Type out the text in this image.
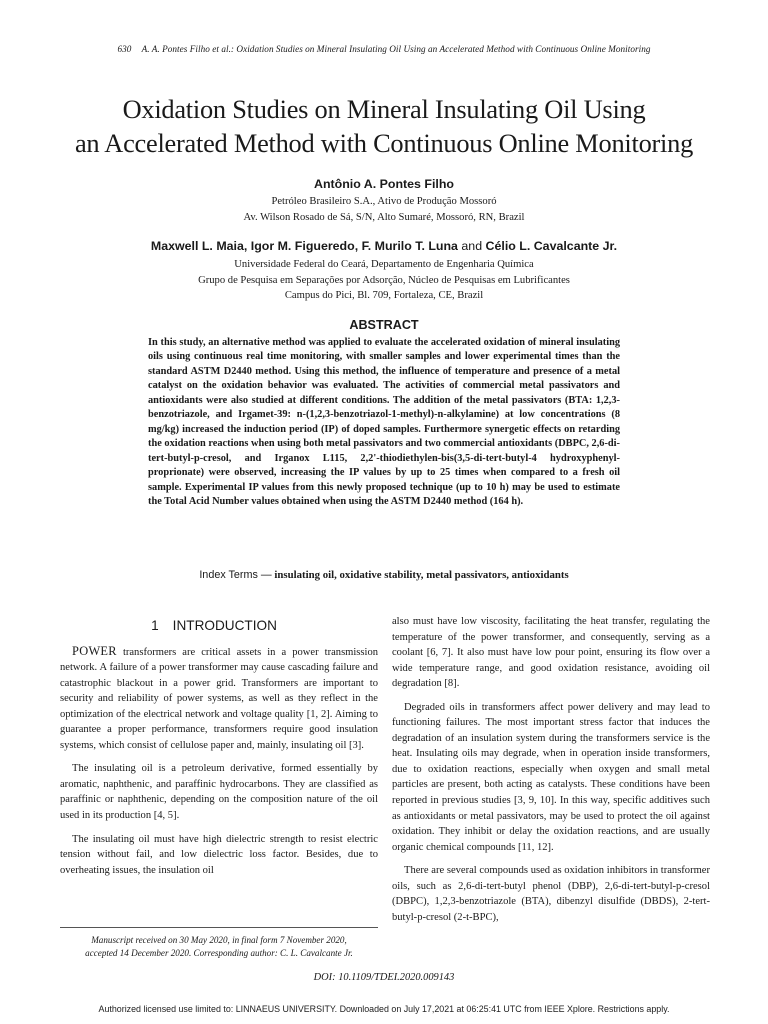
630 A. A. Pontes Filho et al.: Oxidation Studies on Mineral Insulating Oil Using an Accelerated Method with Continuous Online Monitoring
Oxidation Studies on Mineral Insulating Oil Using
an Accelerated Method with Continuous Online Monitoring
Antônio A. Pontes Filho
Petróleo Brasileiro S.A., Ativo de Produção Mossoró
Av. Wilson Rosado de Sá, S/N, Alto Sumaré, Mossoró, RN, Brazil
Maxwell L. Maia, Igor M. Figueredo, F. Murilo T. Luna and Célio L. Cavalcante Jr.
Universidade Federal do Ceará, Departamento de Engenharia Química
Grupo de Pesquisa em Separações por Adsorção, Núcleo de Pesquisas em Lubrificantes
Campus do Pici, Bl. 709, Fortaleza, CE, Brazil
ABSTRACT
In this study, an alternative method was applied to evaluate the accelerated oxidation of mineral insulating oils using continuous real time monitoring, with smaller samples and lower experimental times than the standard ASTM D2440 method. Using this method, the influence of temperature and presence of a metal catalyst on the oxidation behavior was evaluated. The activities of commercial metal passivators and antioxidants were also studied at different conditions. The addition of the metal passivators (BTA: 1,2,3-benzotriazole, and Irgamet-39: n-(1,2,3-benzotriazol-1-methyl)-n-alkylamine) at low concentrations (8 mg/kg) increased the induction period (IP) of doped samples. Furthermore synergetic effects on retarding the oxidation reactions when using both metal passivators and two commercial antioxidants (DBPC, 2,6-di-tert-butyl-p-cresol, and Irganox L115, 2,2'-thiodiethylen-bis(3,5-di-tert-butyl-4 hydroxyphenyl-proprionate) were observed, increasing the IP values by up to 25 times when compared to a fresh oil sample. Experimental IP values from this newly proposed technique (up to 10 h) may be used to estimate the Total Acid Number values obtained when using the ASTM D2440 method (164 h).
Index Terms — insulating oil, oxidative stability, metal passivators, antioxidants
1 INTRODUCTION

POWER transformers are critical assets in a power transmission network. A failure of a power transformer may cause cascading failure and catastrophic blackout in a power grid. Transformers are important to security and reliability of power systems, as well as they reflect in the optimization of the electrical network and voltage quality [1, 2]. Aiming to guarantee a proper performance, transformers require good insulation systems, which consist of cellulose paper and, mainly, insulating oil [3].

The insulating oil is a petroleum derivative, formed essentially by aromatic, naphthenic, and paraffinic hydrocarbons. They are classified as paraffinic or naphthenic, depending on the composition nature of the oil used in its production [4, 5].

The insulating oil must have high dielectric strength to resist electric tension without fail, and low dielectric loss factor. Besides, due to overheating issues, the insulation oil

also must have low viscosity, facilitating the heat transfer, regulating the temperature of the power transformer, and consequently, serving as a coolant [6, 7]. It also must have low pour point, ensuring its flow over a wide temperature range, and good oxidation resistance, avoiding oil degradation [8].

Degraded oils in transformers affect power delivery and may lead to functioning failures. The most important stress factor that induces the degradation of an insulation system during the transformers service is the heat. Insulating oils may degrade, when in operation inside transformers, due to oxidation reactions, especially when oxygen and small metal particles are present, both acting as catalysts. These conditions have been reported in previous studies [3, 9, 10]. In this way, specific additives such as antioxidants or metal passivators, may be used to protect the oil against oxidation. They inhibit or delay the oxidation reactions, and are usually organic chemical compounds [11, 12].

There are several compounds used as oxidation inhibitors in transformer oils, such as 2,6-di-tert-butyl phenol (DBP), 2,6-di-tert-butyl-p-cresol (DBPC), 1,2,3-benzotriazole (BTA), dibenzyl disulfide (DBDS), 2-tert-butyl-p-cresol (2-t-BPC),

Manuscript received on 30 May 2020, in final form 7 November 2020,
accepted 14 December 2020. Corresponding author: C. L. Cavalcante Jr.
DOI: 10.1109/TDEI.2020.009143
Authorized licensed use limited to: LINNAEUS UNIVERSITY. Downloaded on July 17,2021 at 06:25:41 UTC from IEEE Xplore. Restrictions apply.
